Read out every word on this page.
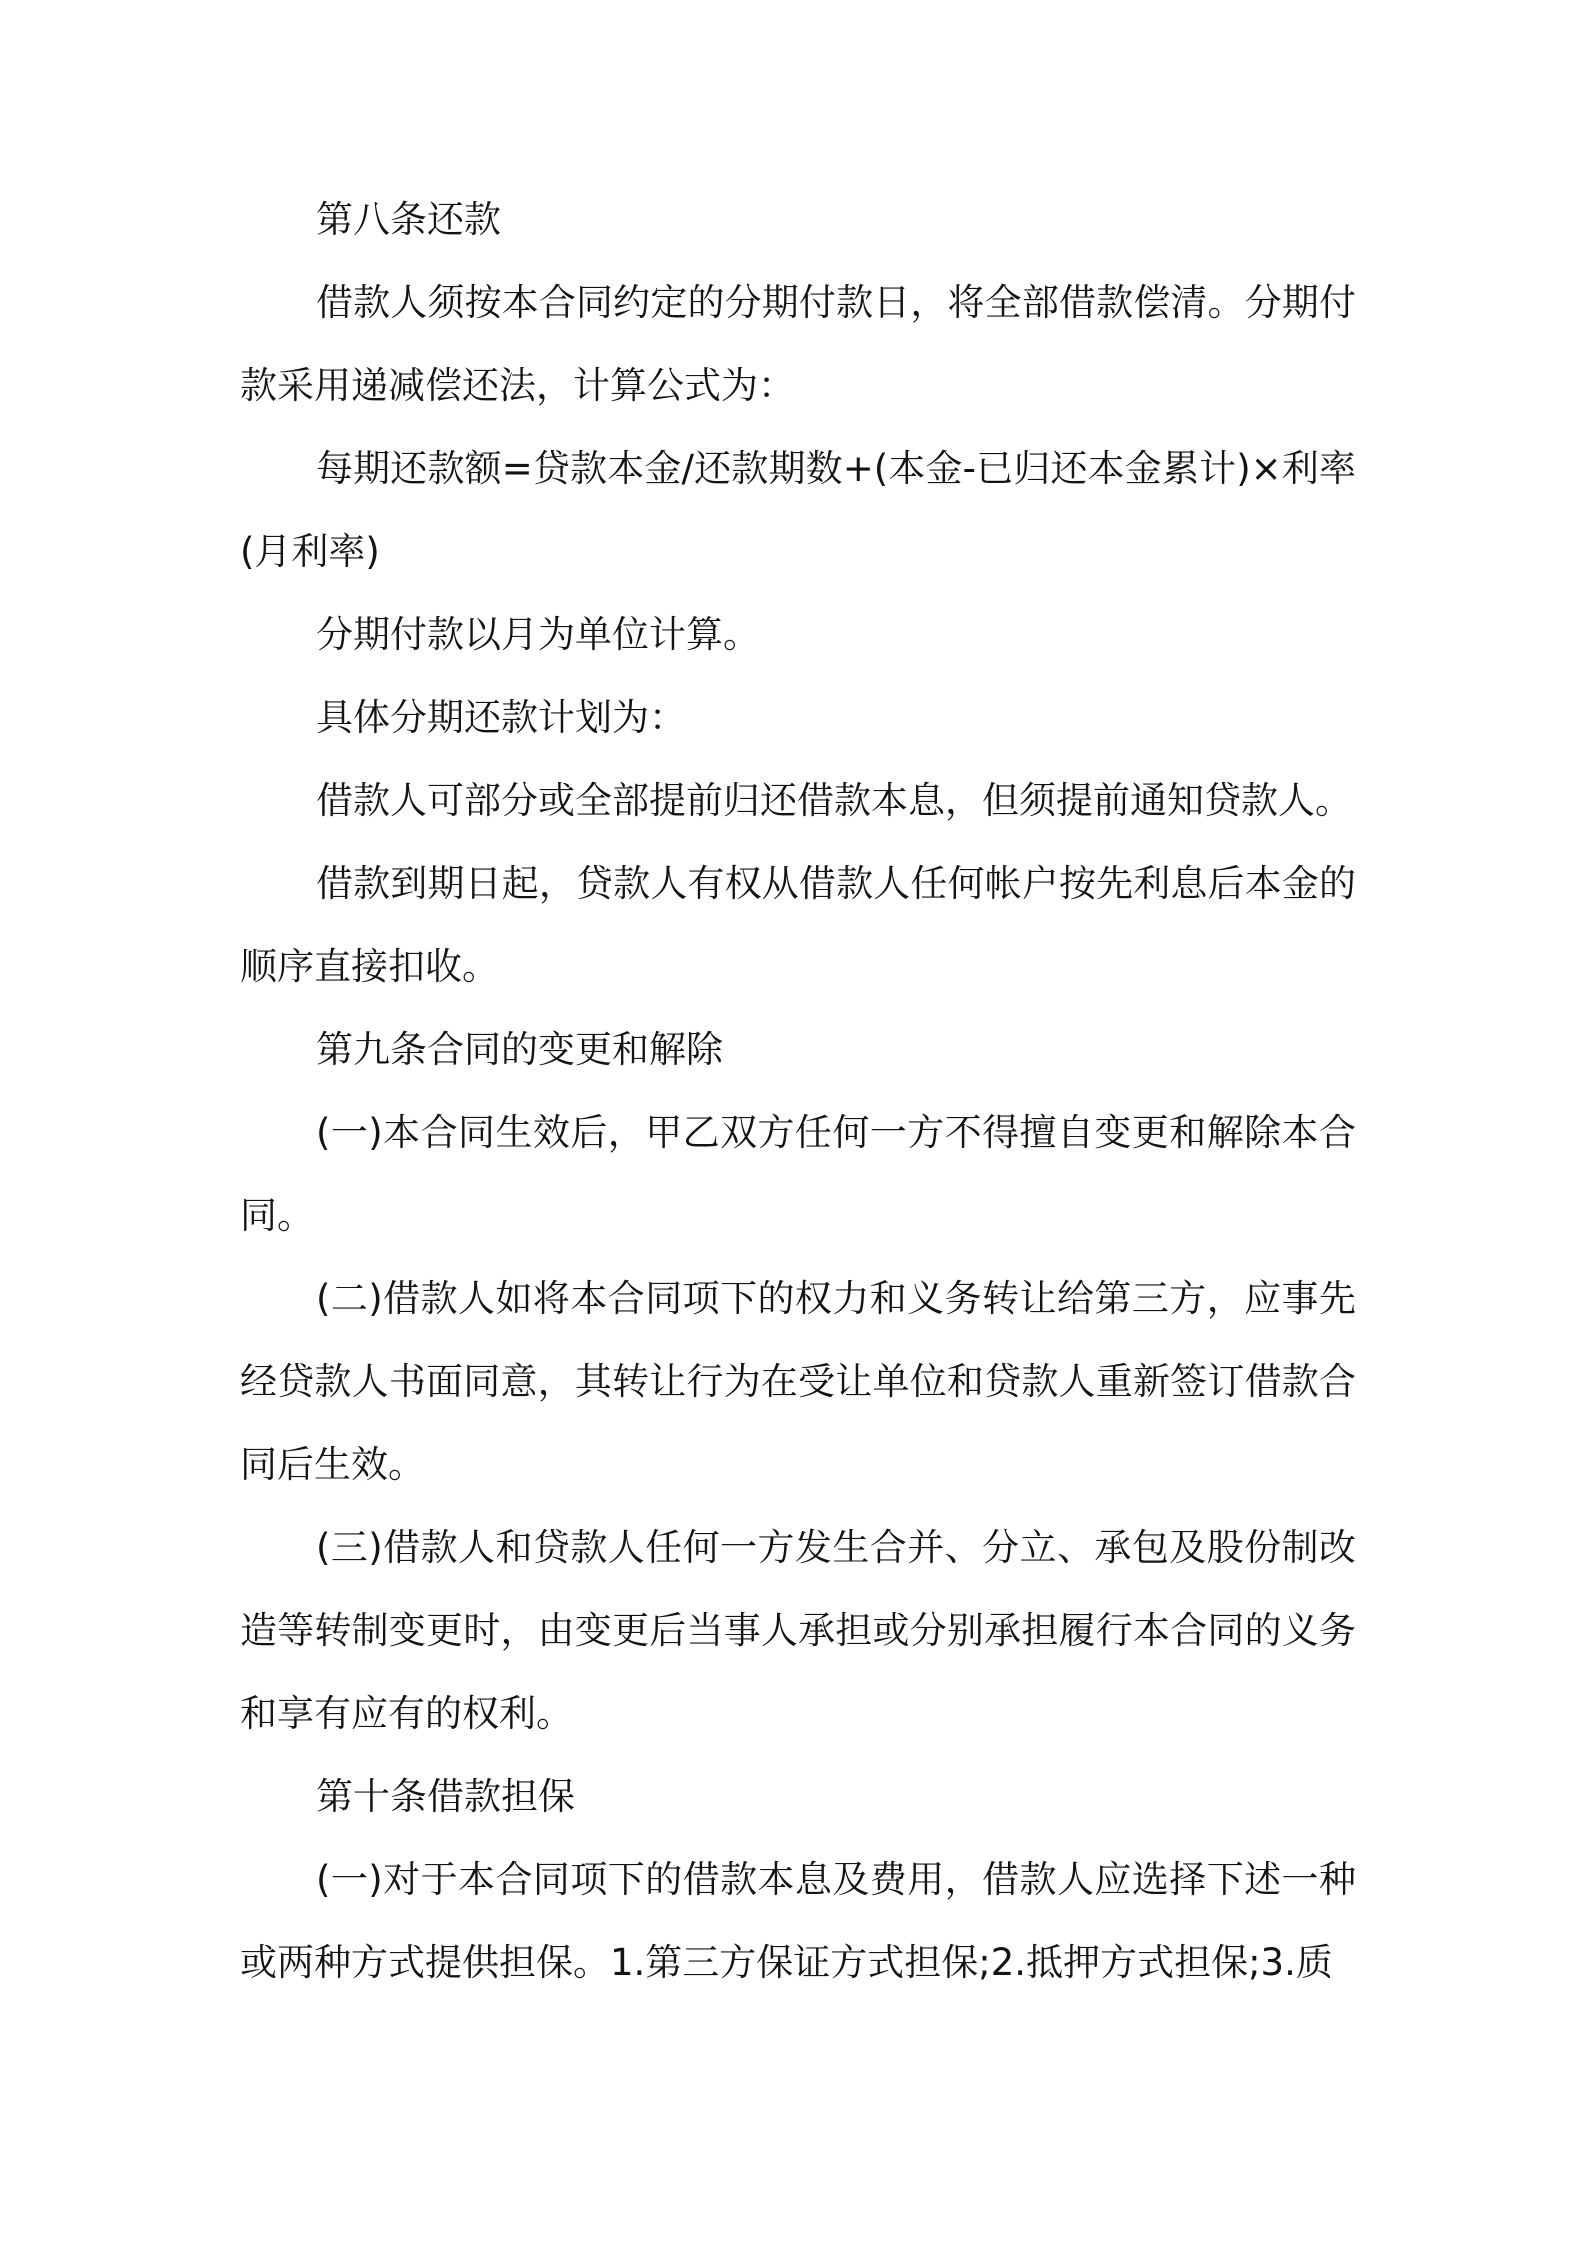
第八条还款

借款人须按本合同约定的分期付款日，将全部借款偿清。分期付款采用递减偿还法，计算公式为：

每期还款额=贷款本金/还款期数+(本金-已归还本金累计)×利率(月利率)

分期付款以月为单位计算。

具体分期还款计划为：

借款人可部分或全部提前归还借款本息，但须提前通知贷款人。

借款到期日起，贷款人有权从借款人任何帐户按先利息后本金的顺序直接扣收。

第九条合同的变更和解除

(一)本合同生效后，甲乙双方任何一方不得擅自变更和解除本合同。

(二)借款人如将本合同项下的权力和义务转让给第三方，应事先经贷款人书面同意，其转让行为在受让单位和贷款人重新签订借款合同后生效。

(三)借款人和贷款人任何一方发生合并、分立、承包及股份制改造等转制变更时，由变更后当事人承担或分别承担履行本合同的义务和享有应有的权利。

第十条借款担保

(一)对于本合同项下的借款本息及费用，借款人应选择下述一种或两种方式提供担保。1.第三方保证方式担保;2.抵押方式担保;3.质
